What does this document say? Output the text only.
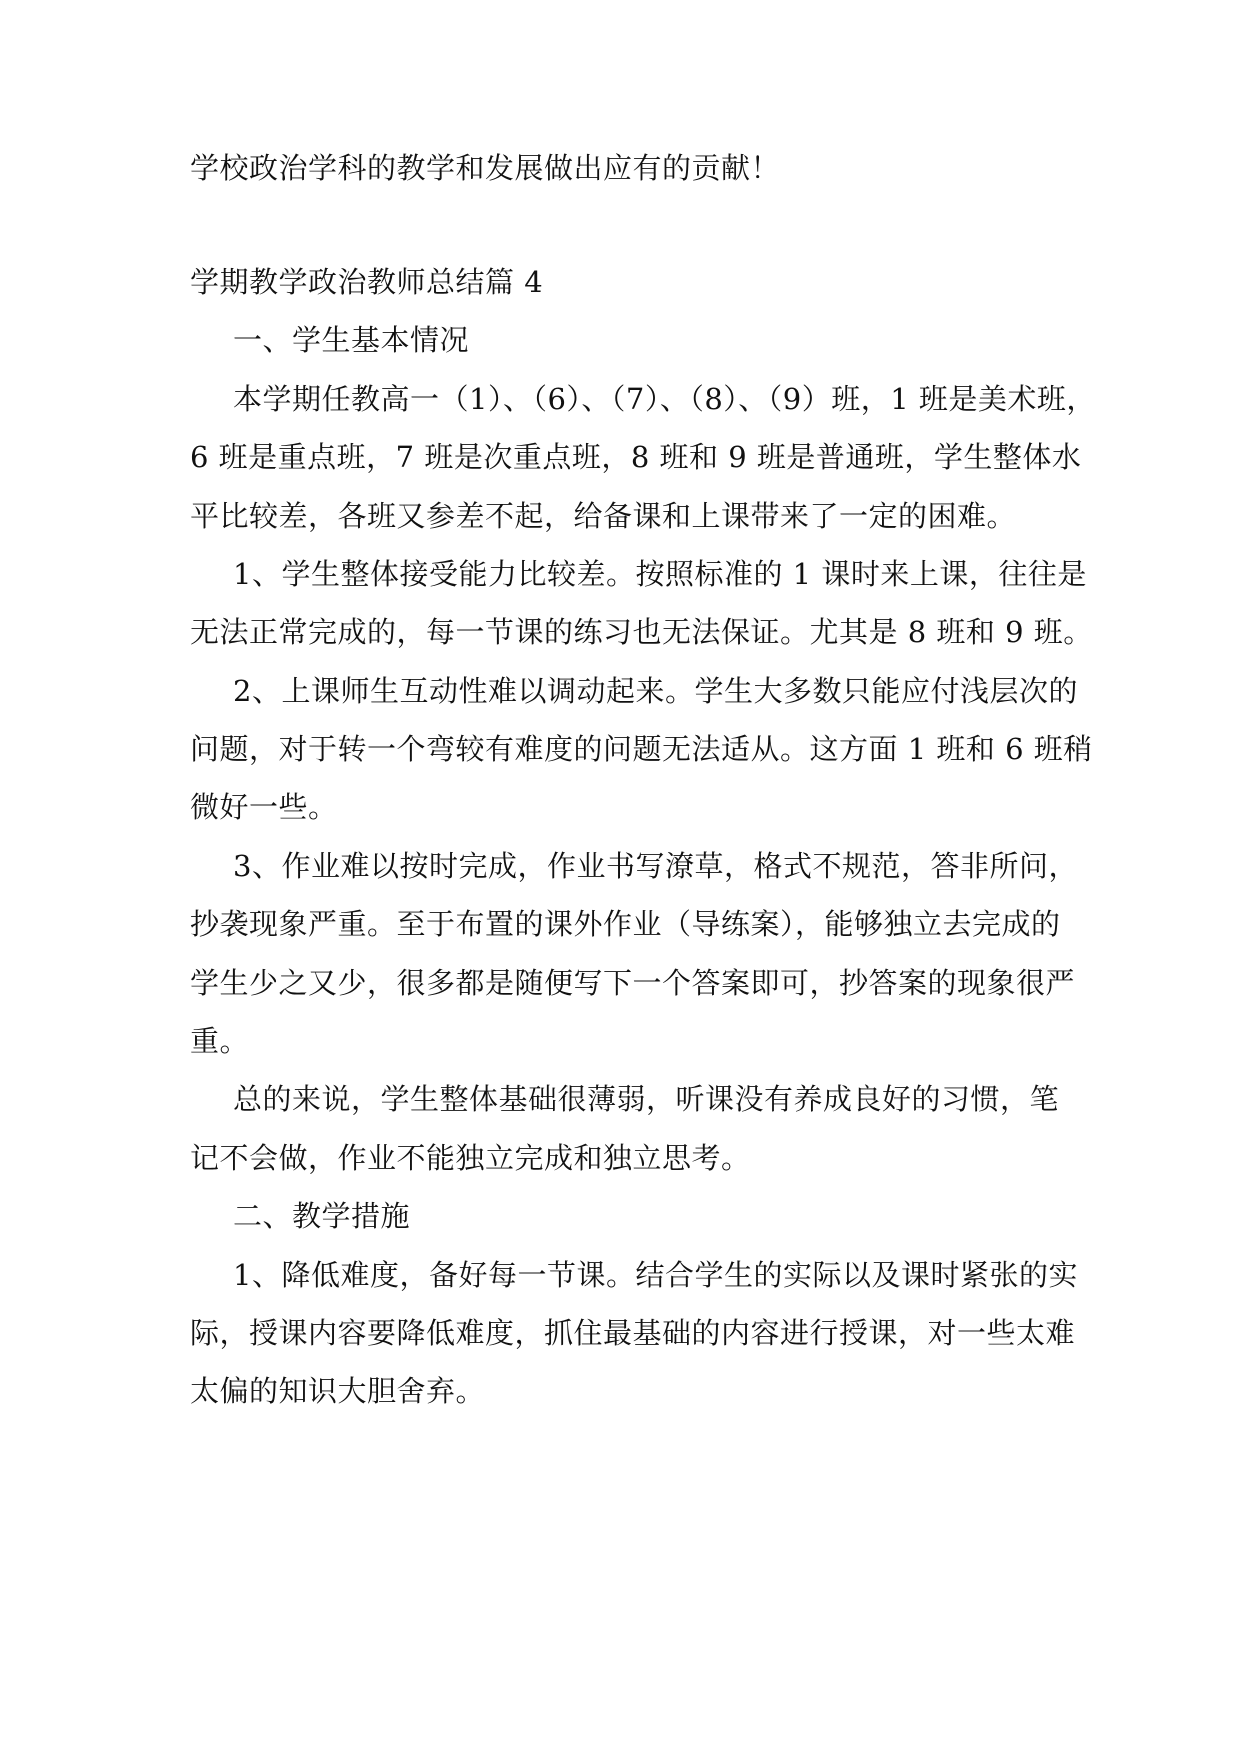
学校政治学科的教学和发展做出应有的贡献！
学期教学政治教师总结篇 4
一、学生基本情况
本学期任教高一（1）、（6）、（7）、（8）、（9）班，1 班是美术班，
6 班是重点班，7 班是次重点班，8 班和 9 班是普通班，学生整体水
平比较差，各班又参差不起，给备课和上课带来了一定的困难。
1、学生整体接受能力比较差。按照标准的 1 课时来上课，往往是
无法正常完成的，每一节课的练习也无法保证。尤其是 8 班和 9 班。
2、上课师生互动性难以调动起来。学生大多数只能应付浅层次的
问题，对于转一个弯较有难度的问题无法适从。这方面 1 班和 6 班稍
微好一些。
3、作业难以按时完成，作业书写潦草，格式不规范，答非所问，
抄袭现象严重。至于布置的课外作业（导练案），能够独立去完成的
学生少之又少，很多都是随便写下一个答案即可，抄答案的现象很严
重。
总的来说，学生整体基础很薄弱，听课没有养成良好的习惯，笔
记不会做，作业不能独立完成和独立思考。
二、教学措施
1、降低难度，备好每一节课。结合学生的实际以及课时紧张的实
际，授课内容要降低难度，抓住最基础的内容进行授课，对一些太难
太偏的知识大胆舍弃。
